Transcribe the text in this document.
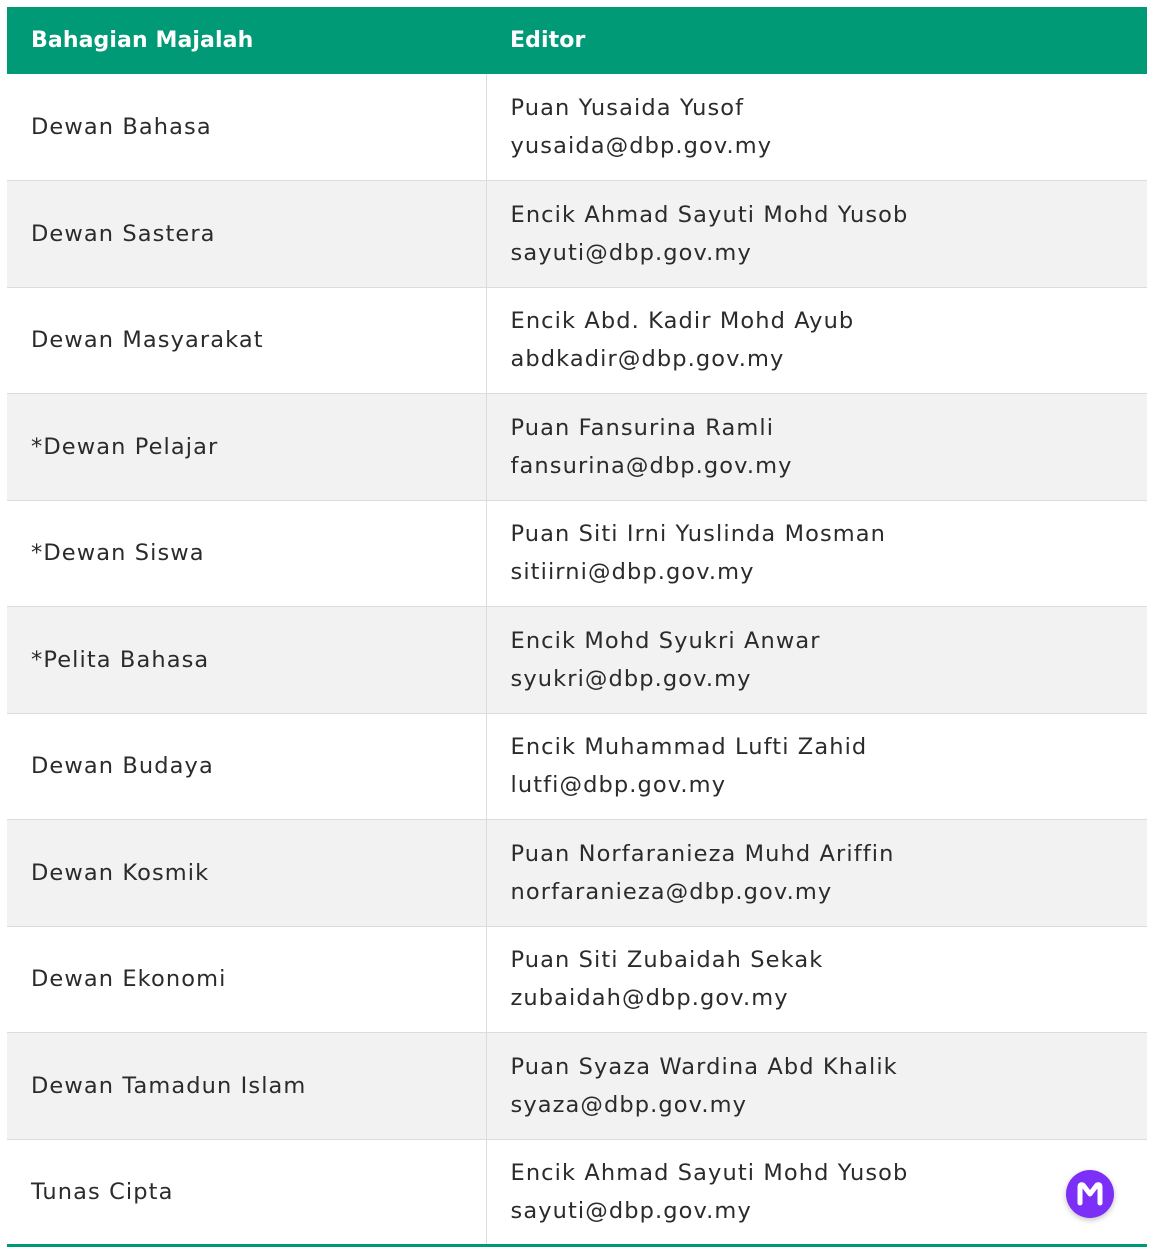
Bahagian Majalah	Editor
Dewan Bahasa	Puan Yusaida Yusof
yusaida@dbp.gov.my

Dewan Sastera	Encik Ahmad Sayuti Mohd Yusob
sayuti@dbp.gov.my

Dewan Masyarakat	Encik Abd. Kadir Mohd Ayub
abdkadir@dbp.gov.my

*Dewan Pelajar	Puan Fansurina Ramli
fansurina@dbp.gov.my

*Dewan Siswa	Puan Siti Irni Yuslinda Mosman
sitiirni@dbp.gov.my

*Pelita Bahasa	Encik Mohd Syukri Anwar
syukri@dbp.gov.my

Dewan Budaya	Encik Muhammad Lufti Zahid
lutfi@dbp.gov.my

Dewan Kosmik	Puan Norfaranieza Muhd Ariffin
norfaranieza@dbp.gov.my

Dewan Ekonomi	Puan Siti Zubaidah Sekak
zubaidah@dbp.gov.my

Dewan Tamadun Islam	Puan Syaza Wardina Abd Khalik
syaza@dbp.gov.my

Tunas Cipta	Encik Ahmad Sayuti Mohd Yusob
sayuti@dbp.gov.my
